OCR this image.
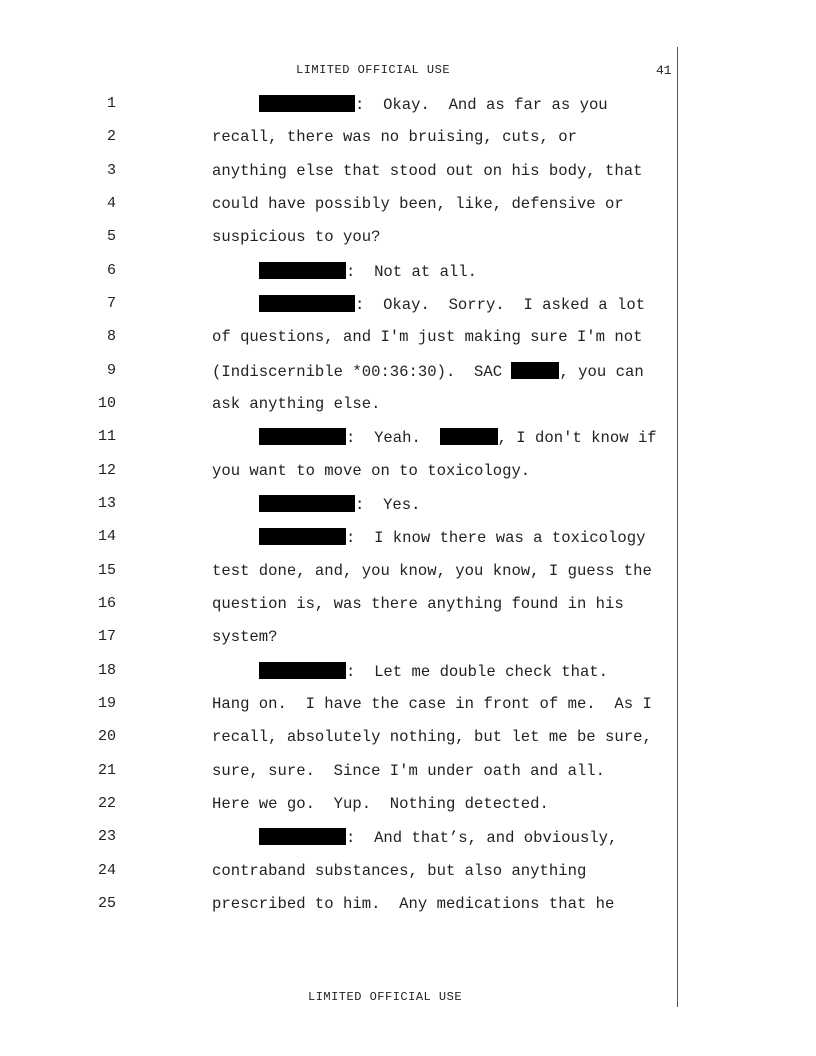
LIMITED OFFICIAL USE	41
1
2
3
4
5
6
7
8
9
10
11
12
13
14
15
16
17
18
19
20
21
22
23
24
25
:  Okay.  And as far as you
recall, there was no bruising, cuts, or
anything else that stood out on his body, that
could have possibly been, like, defensive or
suspicious to you?
:  Not at all.
:  Okay.  Sorry.  I asked a lot
of questions, and I'm just making sure I'm not
(Indiscernible *00:36:30).  SAC	, you can
ask anything else.
:  Yeah.	, I don't know if
you want to move on to toxicology.
:  Yes.
:  I know there was a toxicology
test done, and, you know, you know, I guess the
question is, was there anything found in his
system?
:  Let me double check that.
Hang on.  I have the case in front of me.  As I
recall, absolutely nothing, but let me be sure,
sure, sure.  Since I'm under oath and all.
Here we go.  Yup.  Nothing detected.
:  And that’s, and obviously,
contraband substances, but also anything
prescribed to him.  Any medications that he
LIMITED OFFICIAL USE
